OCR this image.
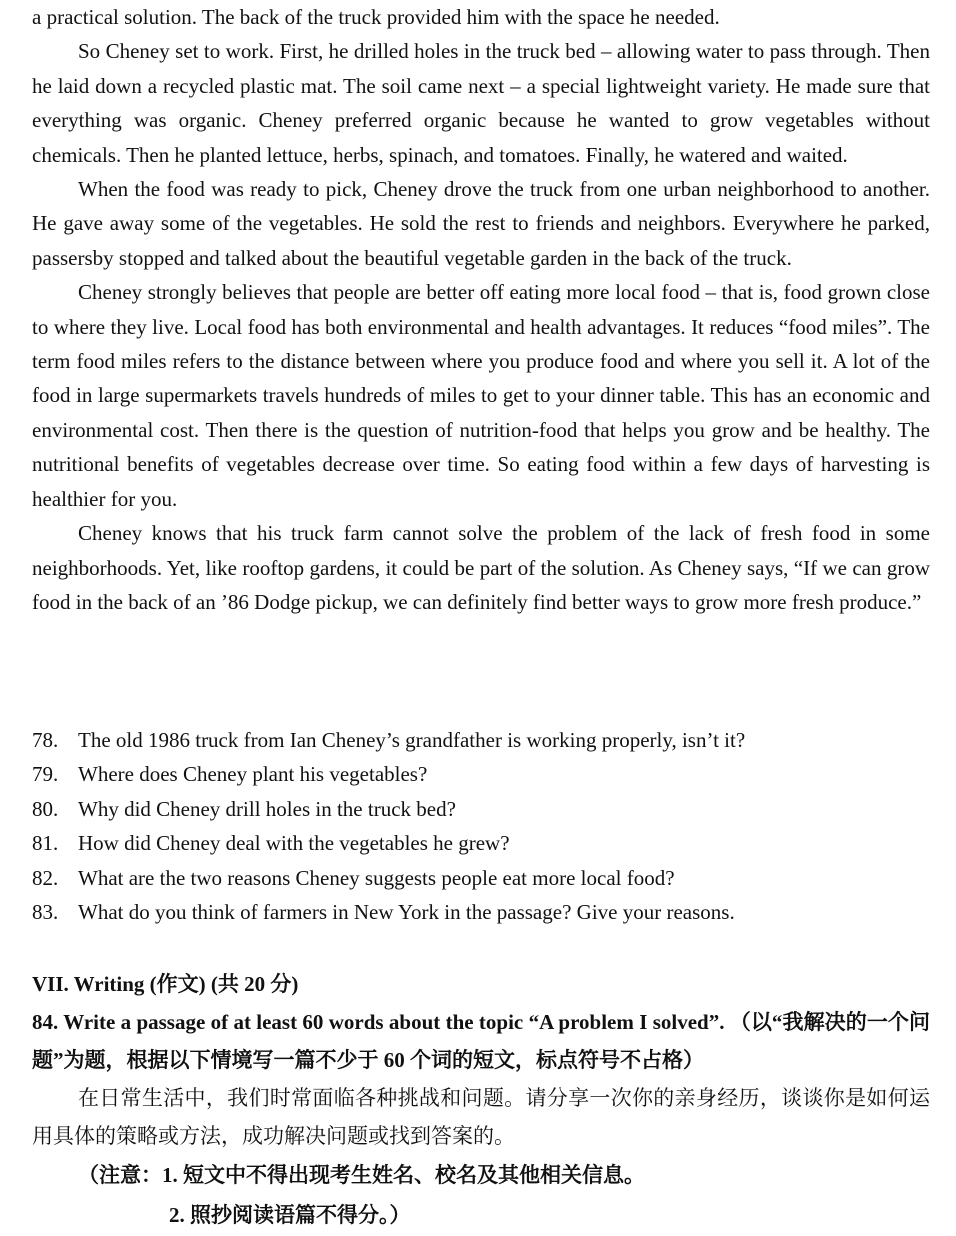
a practical solution. The back of the truck provided him with the space he needed.

So Cheney set to work. First, he drilled holes in the truck bed – allowing water to pass through. Then he laid down a recycled plastic mat. The soil came next – a special lightweight variety. He made sure that everything was organic. Cheney preferred organic because he wanted to grow vegetables without chemicals. Then he planted lettuce, herbs, spinach, and tomatoes. Finally, he watered and waited.

When the food was ready to pick, Cheney drove the truck from one urban neighborhood to another. He gave away some of the vegetables. He sold the rest to friends and neighbors. Everywhere he parked, passersby stopped and talked about the beautiful vegetable garden in the back of the truck.

Cheney strongly believes that people are better off eating more local food – that is, food grown close to where they live. Local food has both environmental and health advantages. It reduces “food miles”. The term food miles refers to the distance between where you produce food and where you sell it. A lot of the food in large supermarkets travels hundreds of miles to get to your dinner table. This has an economic and environmental cost. Then there is the question of nutrition-food that helps you grow and be healthy. The nutritional benefits of vegetables decrease over time. So eating food within a few days of harvesting is healthier for you.

Cheney knows that his truck farm cannot solve the problem of the lack of fresh food in some neighborhoods. Yet, like rooftop gardens, it could be part of the solution. As Cheney says, “If we can grow food in the back of an ’86 Dodge pickup, we can definitely find better ways to grow more fresh produce.”

78. The old 1986 truck from Ian Cheney’s grandfather is working properly, isn’t it?
79. Where does Cheney plant his vegetables?
80. Why did Cheney drill holes in the truck bed?
81. How did Cheney deal with the vegetables he grew?
82. What are the two reasons Cheney suggests people eat more local food?
83. What do you think of farmers in New York in the passage? Give your reasons.

VII. Writing (作文) (共 20 分)

84. Write a passage of at least 60 words about the topic “A problem I solved”. （以“我解决的一个问题”为题，根据以下情境写一篇不少于 60 个词的短文，标点符号不占格）

在日常生活中，我们时常面临各种挑战和问题。请分享一次你的亲身经历，谈谈你是如何运用具体的策略或方法，成功解决问题或找到答案的。

（注意：1. 短文中不得出现考生姓名、校名及其他相关信息。

2. 照抄阅读语篇不得分。）
